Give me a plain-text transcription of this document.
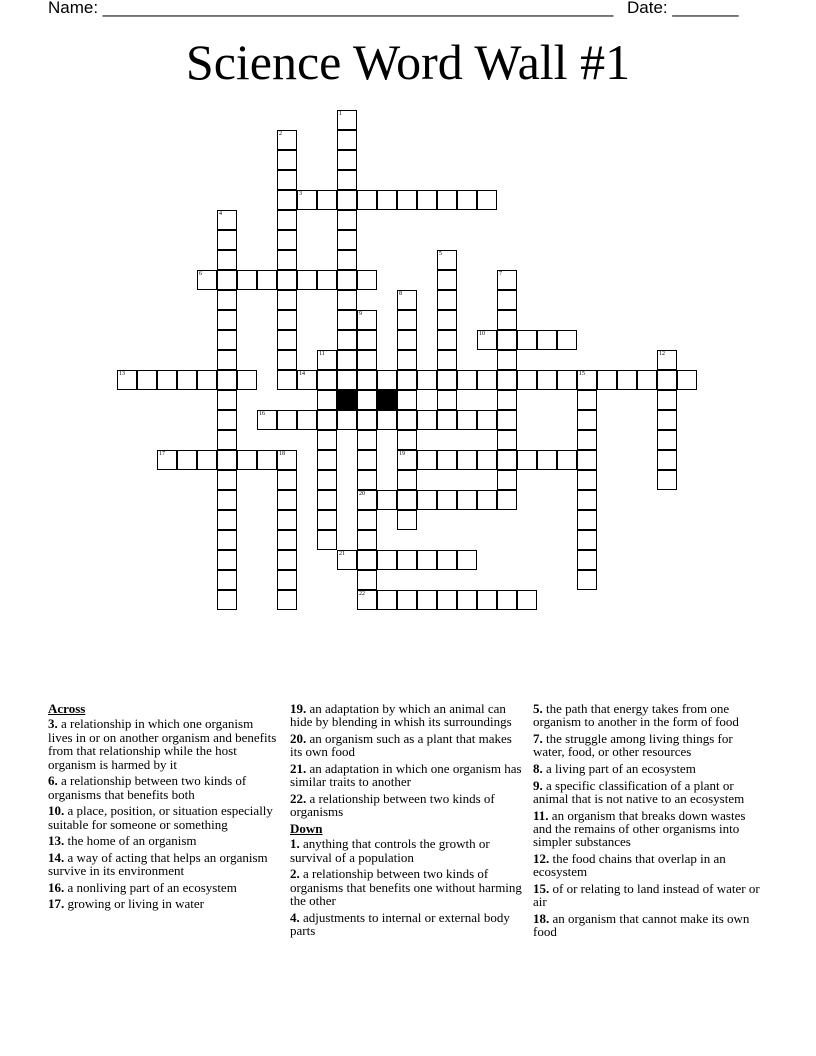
Name: ______________________________________________________ Date: _______
Science Word Wall #1
1
2
3
4
5
6	7
8
19
9
20
22
10
11	12
13	14	15
16
17	18
21
Across
3. a relationship in which one organism lives in or on another organism and benefits from that relationship while the host organism is harmed by it
6. a relationship between two kinds of organisms that benefits both
10. a place, position, or situation especially suitable for someone or something
13. the home of an organism
14. a way of acting that helps an organism survive in its environment
16. a nonliving part of an ecosystem
17. growing or living in water
19. an adaptation by which an animal can hide by blending in whish its surroundings
20. an organism such as a plant that makes its own food
21. an adaptation in which one organism has similar traits to another
22. a relationship between two kinds of organisms
Down
1. anything that controls the growth or survival of a population
2. a relationship between two kinds of organisms that benefits one without harming the other
4. adjustments to internal or external body parts
5. the path that energy takes from one organism to another in the form of food
7. the struggle among living things for water, food, or other resources
8. a living part of an ecosystem
9. a specific classification of a plant or animal that is not native to an ecosystem
11. an organism that breaks down wastes and the remains of other organisms into simpler substances
12. the food chains that overlap in an ecosystem
15. of or relating to land instead of water or air
18. an organism that cannot make its own food
